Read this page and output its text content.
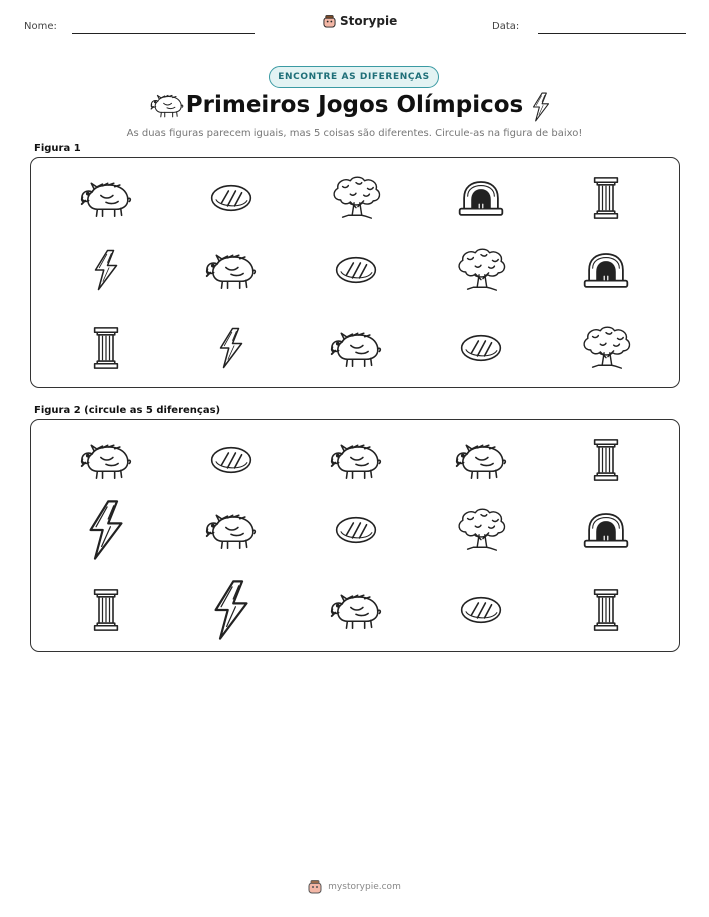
Nome:	Storypie	Data:
ENCONTRE AS DIFERENÇAS
Primeiros Jogos Olímpicos
As duas figuras parecem iguais, mas 5 coisas são diferentes. Circule-as na figura de baixo!
Figura 1
Figura 2 (circule as 5 diferenças)
mystorypie.com
